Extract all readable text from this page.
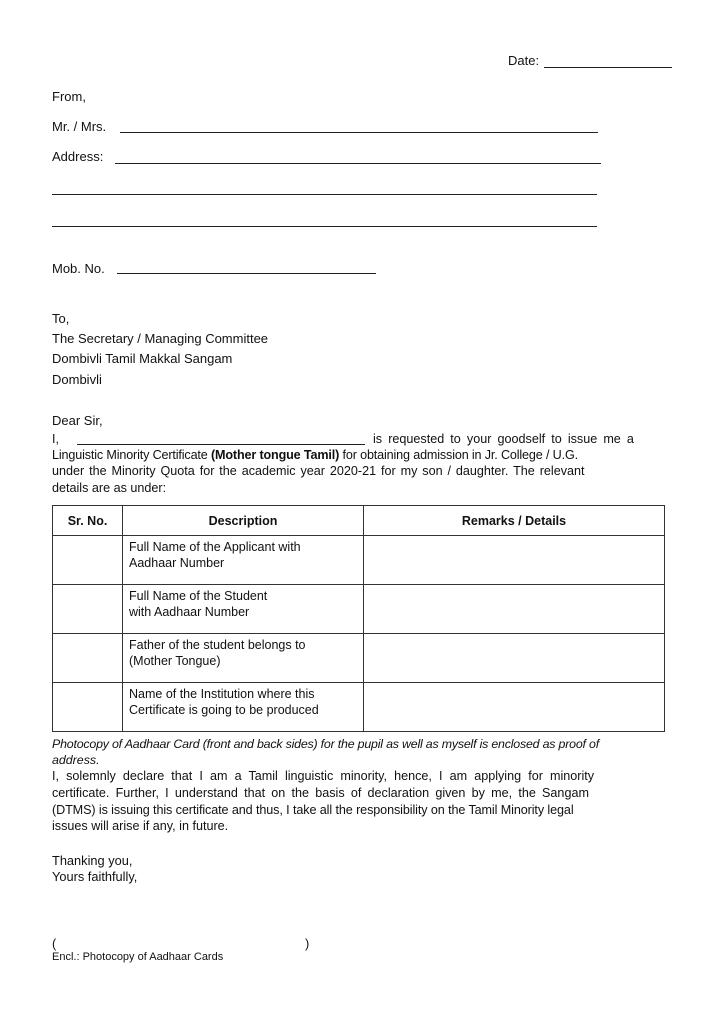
Date:
From,
Mr. / Mrs.
Address:
Mob. No.
To,
The Secretary / Managing Committee
Dombivli Tamil Makkal Sangam
Dombivli
Dear Sir,
I,	is requested to your goodself to issue me a
Linguistic Minority Certificate (Mother tongue Tamil) for obtaining admission in Jr. College / U.G.
under the Minority Quota for the academic year 2020-21 for my son / daughter. The relevant
details are as under:
Sr. No.	Description	Remarks / Details

	Full Name of the Applicant with
Aadhaar Number	

	Full Name of the Student
with Aadhaar Number	

	Father of the student belongs to
(Mother Tongue)	

	Name of the Institution where this
Certificate is going to be produced	

Photocopy of Aadhaar Card (front and back sides) for the pupil as well as myself is enclosed as proof of
address.
I, solemnly declare that I am a Tamil linguistic minority, hence, I am applying for minority
certificate. Further, I understand that on the basis of declaration given by me, the Sangam
(DTMS) is issuing this certificate and thus, I take all the responsibility on the Tamil Minority legal
issues will arise if any, in future.
Thanking you,
Yours faithfully,
(	)
Encl.: Photocopy of Aadhaar Cards
